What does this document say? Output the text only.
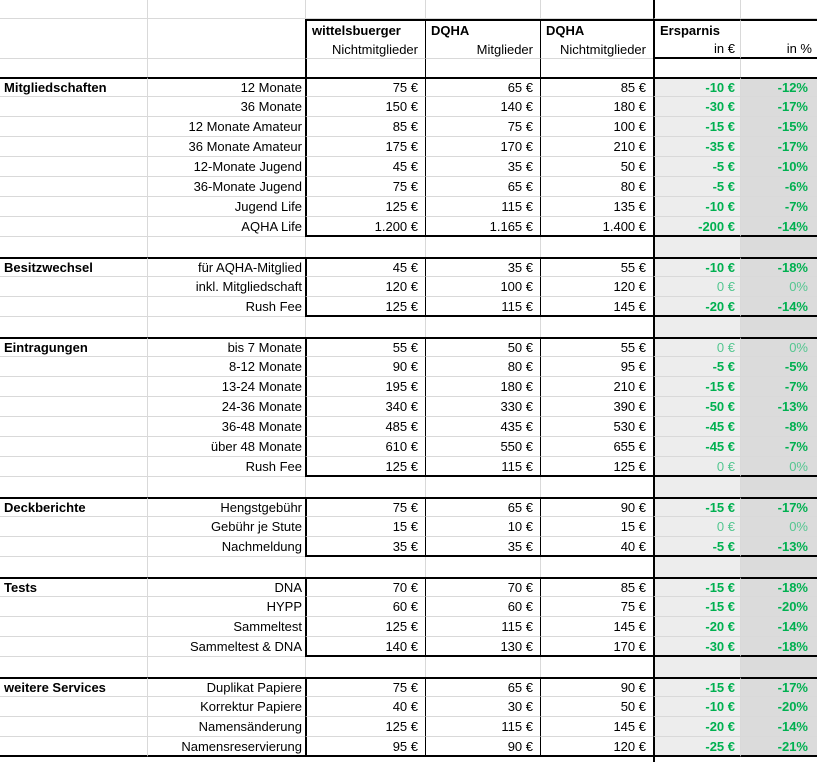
wittelsbuerger	DQHA	DQHA	Ersparnis
Nichtmitglieder	Mitglieder	Nichtmitglieder	in €	in %
Mitgliedschaften	12 Monate	75 €	65 €	85 €	-10 €	-12%
36 Monate	150 €	140 €	180 €	-30 €	-17%
12 Monate Amateur	85 €	75 €	100 €	-15 €	-15%
36 Monate Amateur	175 €	170 €	210 €	-35 €	-17%
12-Monate Jugend	45 €	35 €	50 €	-5 €	-10%
36-Monate Jugend	75 €	65 €	80 €	-5 €	-6%
Jugend Life	125 €	115 €	135 €	-10 €	-7%
AQHA Life	1.200 €	1.165 €	1.400 €	-200 €	-14%
Besitzwechsel	für AQHA-Mitglied	45 €	35 €	55 €	-10 €	-18%
inkl. Mitgliedschaft	120 €	100 €	120 €	0 €	0%
Rush Fee	125 €	115 €	145 €	-20 €	-14%
Eintragungen	bis 7 Monate	55 €	50 €	55 €	0 €	0%
8-12 Monate	90 €	80 €	95 €	-5 €	-5%
13-24 Monate	195 €	180 €	210 €	-15 €	-7%
24-36 Monate	340 €	330 €	390 €	-50 €	-13%
36-48 Monate	485 €	435 €	530 €	-45 €	-8%
über 48 Monate	610 €	550 €	655 €	-45 €	-7%
Rush Fee	125 €	115 €	125 €	0 €	0%
Deckberichte	Hengstgebühr	75 €	65 €	90 €	-15 €	-17%
Gebühr je Stute	15 €	10 €	15 €	0 €	0%
Nachmeldung	35 €	35 €	40 €	-5 €	-13%
Tests	DNA	70 €	70 €	85 €	-15 €	-18%
HYPP	60 €	60 €	75 €	-15 €	-20%
Sammeltest	125 €	115 €	145 €	-20 €	-14%
Sammeltest & DNA	140 €	130 €	170 €	-30 €	-18%
weitere Services	Duplikat Papiere	75 €	65 €	90 €	-15 €	-17%
Korrektur Papiere	40 €	30 €	50 €	-10 €	-20%
Namensänderung	125 €	115 €	145 €	-20 €	-14%
Namensreservierung	95 €	90 €	120 €	-25 €	-21%
